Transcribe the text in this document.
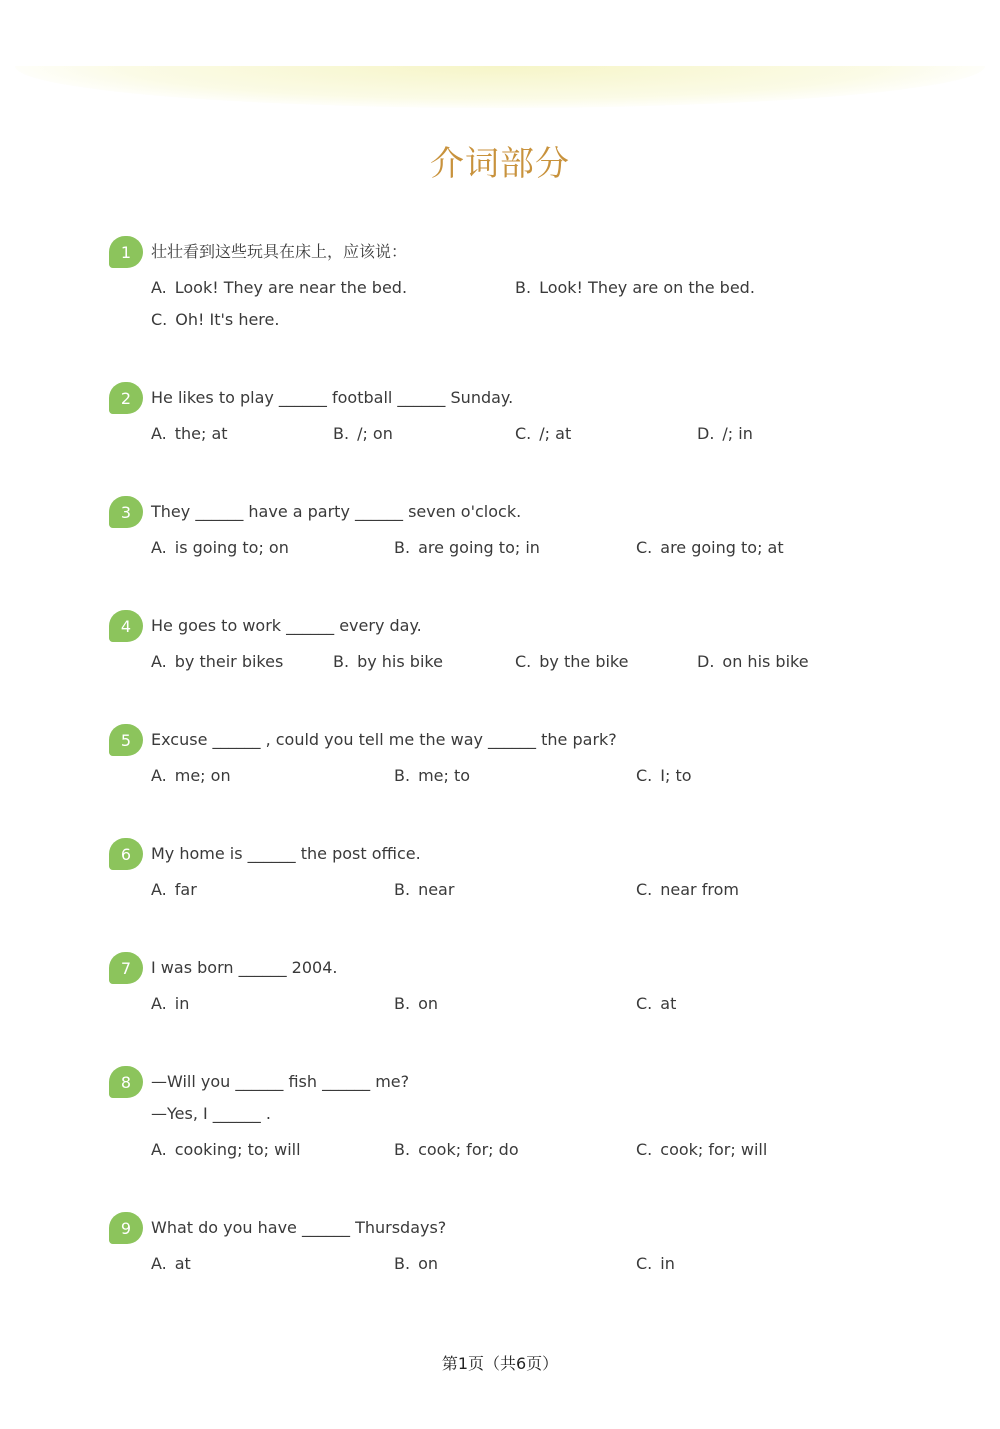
介词部分
1	壮壮看到这些玩具在床上，应该说：
A. Look! They are near the bed.	B. Look! They are on the bed.
C. Oh! It's here.
2	He likes to play ______ football ______ Sunday.
A. the; at	B. /; on	C. /; at	D. /; in
3	They ______ have a party ______ seven o'clock.
A. is going to; on	B. are going to; in	C. are going to; at
4	He goes to work ______ every day.
A. by their bikes	B. by his bike	C. by the bike	D. on his bike
5	Excuse ______ , could you tell me the way ______ the park?
A. me; on	B. me; to	C. I; to
6	My home is ______ the post office.
A. far	B. near	C. near from
7	I was born ______ 2004.
A. in	B. on	C. at
8	—Will you ______ fish ______ me?
—Yes, I ______ .
A. cooking; to; will	B. cook; for; do	C. cook; for; will
9	What do you have ______ Thursdays?
A. at	B. on	C. in
第1页（共6页）
